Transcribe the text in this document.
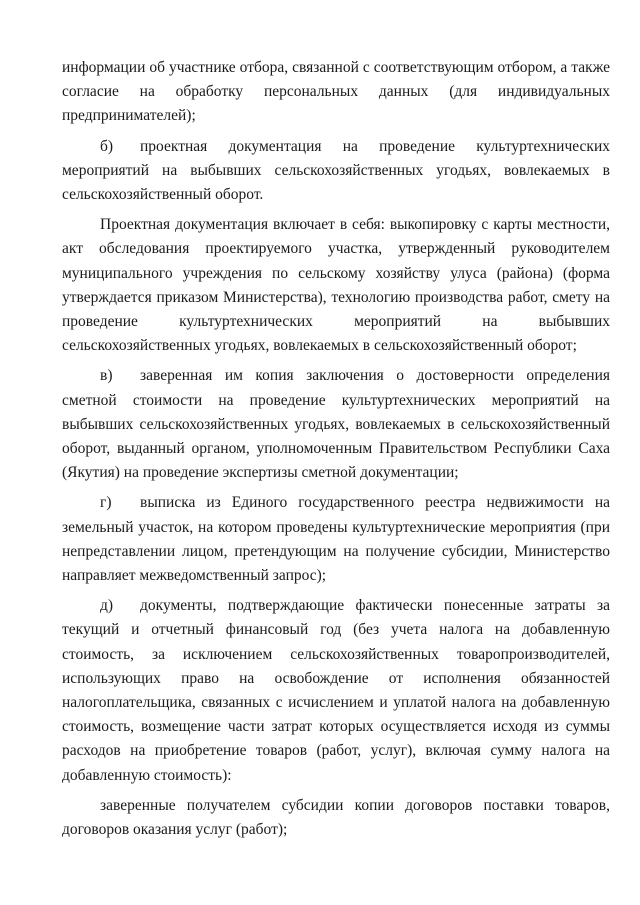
информации об участнике отбора, связанной с соответствующим отбором, а также согласие на обработку персональных данных (для индивидуальных предпринимателей);

б) проектная документация на проведение культуртехнических мероприятий на выбывших сельскохозяйственных угодьях, вовлекаемых в сельскохозяйственный оборот.

Проектная документация включает в себя: выкопировку с карты местности, акт обследования проектируемого участка, утвержденный руководителем муниципального учреждения по сельскому хозяйству улуса (района) (форма утверждается приказом Министерства), технологию производства работ, смету на проведение культуртехнических мероприятий на выбывших сельскохозяйственных угодьях, вовлекаемых в сельскохозяйственный оборот;

в) заверенная им копия заключения о достоверности определения сметной стоимости на проведение культуртехнических мероприятий на выбывших сельскохозяйственных угодьях, вовлекаемых в сельскохозяйственный оборот, выданный органом, уполномоченным Правительством Республики Саха (Якутия) на проведение экспертизы сметной документации;

г) выписка из Единого государственного реестра недвижимости на земельный участок, на котором проведены культуртехнические мероприятия (при непредставлении лицом, претендующим на получение субсидии, Министерство направляет межведомственный запрос);

д) документы, подтверждающие фактически понесенные затраты за текущий и отчетный финансовый год (без учета налога на добавленную стоимость, за исключением сельскохозяйственных товаропроизводителей, использующих право на освобождение от исполнения обязанностей налогоплательщика, связанных с исчислением и уплатой налога на добавленную стоимость, возмещение части затрат которых осуществляется исходя из суммы расходов на приобретение товаров (работ, услуг), включая сумму налога на добавленную стоимость):

заверенные получателем субсидии копии договоров поставки товаров, договоров оказания услуг (работ);
